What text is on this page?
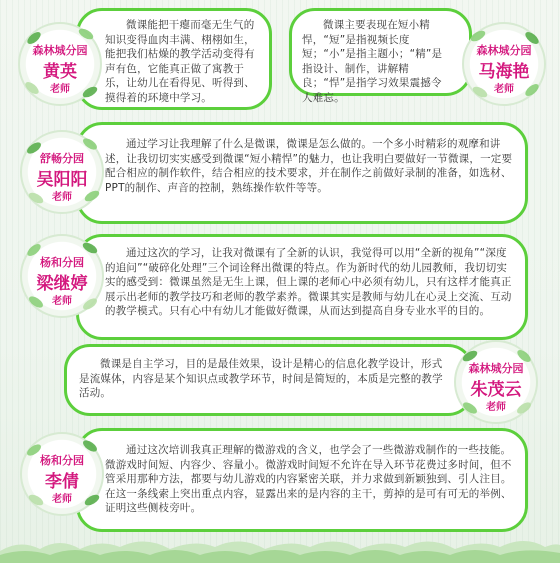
微课能把干瘪而毫无生气的知识变得血肉丰满、栩栩如生，能把我们枯燥的教学活动变得有声有色，它能真正做了寓教于乐，让幼儿在看得见、听得到、摸得着的环境中学习。

森林城分园
黄英
老师

微课主要表现在短小精悍，“短”是指视频长度短；“小”是指主题小；“精”是指设计、制作，讲解精良；“悍”是指学习效果震撼令人难忘。

森林城分园
马海艳
老师

通过学习让我理解了什么是微课，微课是怎么做的。一个多小时精彩的观摩和讲述，让我切切实实感受到微课“短小精悍”的魅力，也让我明白要做好一节微课，一定要配合相应的制作软件，结合相应的技术要求，并在制作之前做好录制的准备，如选材、PPT的制作、声音的控制，熟练操作软件等等。

舒畅分园
吴阳阳
老师

通过这次的学习，让我对微课有了全新的认识，我觉得可以用“全新的视角”“深度的追问”“破碎化处理”三个词诠释出微课的特点。作为新时代的幼儿园教师，我切切实实的感受到：微课虽然是无生上课，但上课的老师心中必须有幼儿，只有这样才能真正展示出老师的教学技巧和老师的教学素养。微课其实是教师与幼儿在心灵上交流、互动的教学模式。只有心中有幼儿才能做好微课，从而达到提高自身专业水平的目的。

杨和分园
梁继婷
老师

微课是自主学习，目的是最佳效果，设计是精心的信息化教学设计，形式是流媒体，内容是某个知识点或教学环节，时间是简短的，本质是完整的教学活动。

森林城分园
朱茂云
老师

通过这次培训我真正理解的微游戏的含义，也学会了一些微游戏制作的一些技能。微游戏时间短、内容少、容量小。微游戏时间短不允许在导入环节花费过多时间，但不管采用那种方法，都要与幼儿游戏的内容紧密关联，并力求做到新颖独到、引人注目。在这一条线索上突出重点内容，显露出来的是内容的主干，剪掉的是可有可无的举例、证明这些侧枝旁叶。

杨和分园
李倩
老师
